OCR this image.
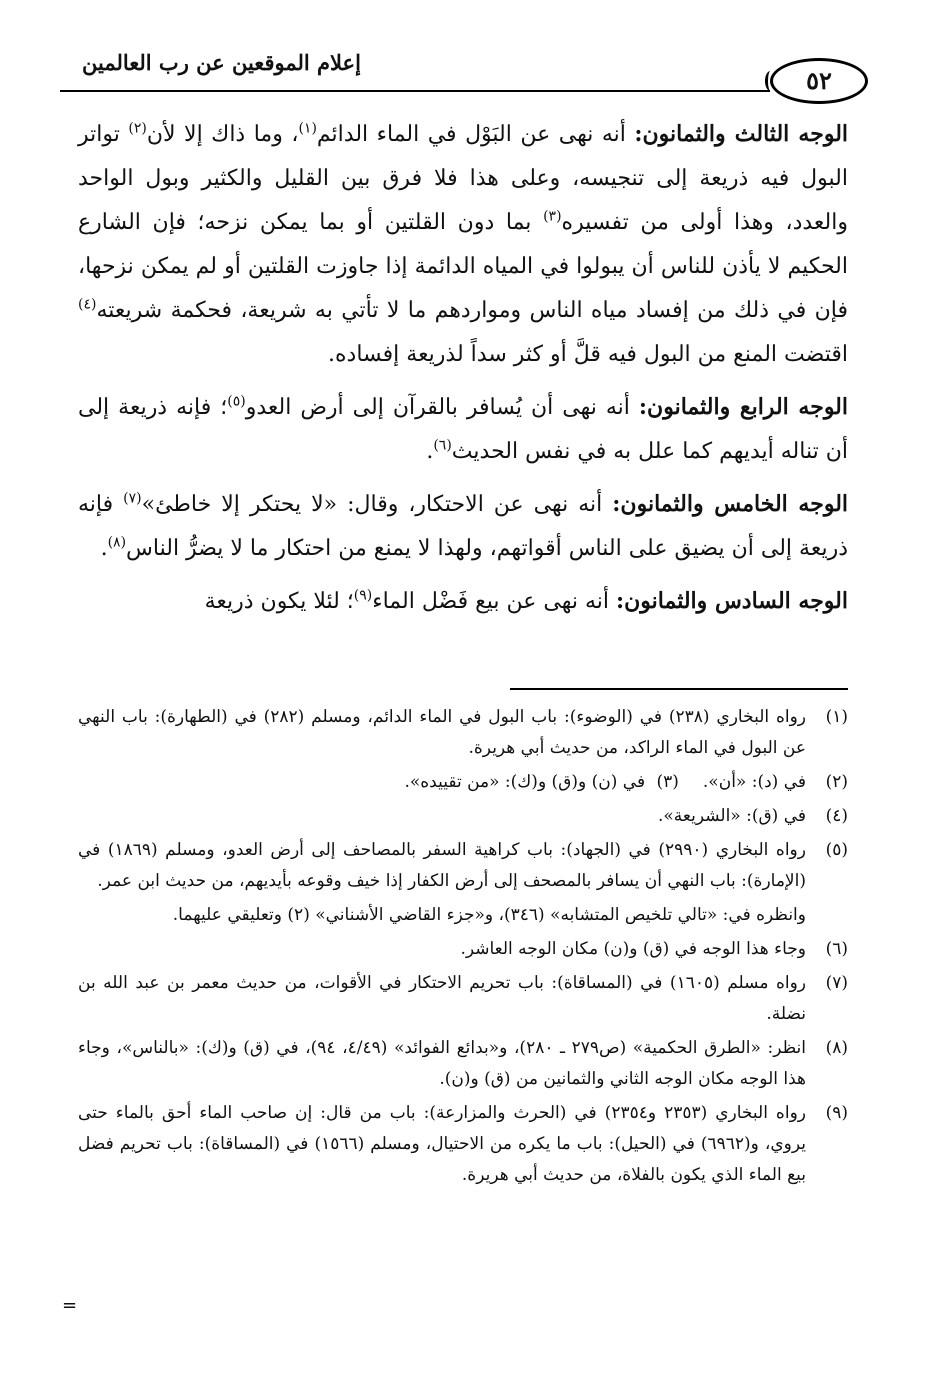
إعلام الموقعين عن رب العالمين
٥٢

الوجه الثالث والثمانون: أنه نهى عن البَوْل في الماء الدائم$^{(١)}$، وما ذاك إلا لأن$^{(٢)}$ تواتر البول فيه ذريعة إلى تنجيسه، وعلى هذا فلا فرق بين القليل والكثير وبول الواحد والعدد، وهذا أولى من تفسيره$^{(٣)}$ بما دون القلتين أو بما يمكن نزحه؛ فإن الشارع الحكيم لا يأذن للناس أن يبولوا في المياه الدائمة إذا جاوزت القلتين أو لم يمكن نزحها، فإن في ذلك من إفساد مياه الناس ومواردهم ما لا تأتي به شريعة، فحكمة شريعته$^{(٤)}$ اقتضت المنع من البول فيه قلَّ أو كثر سداً لذريعة إفساده.

الوجه الرابع والثمانون: أنه نهى أن يُسافر بالقرآن إلى أرض العدو$^{(٥)}$؛ فإنه ذريعة إلى أن تناله أيديهم كما علل به في نفس الحديث$^{(٦)}$.

الوجه الخامس والثمانون: أنه نهى عن الاحتكار، وقال: «لا يحتكر إلا خاطئ»$^{(٧)}$ فإنه ذريعة إلى أن يضيق على الناس أقواتهم، ولهذا لا يمنع من احتكار ما لا يضرُّ الناس$^{(٨)}$.

الوجه السادس والثمانون: أنه نهى عن بيع فَضْل الماء$^{(٩)}$؛ لئلا يكون ذريعة

(١)
رواه البخاري (٢٣٨) في (الوضوء): باب البول في الماء الدائم، ومسلم (٢٨٢) في (الطهارة): باب النهي عن البول في الماء الراكد، من حديث أبي هريرة.
(٢)
في (د): «أن».
(٣) في (ن) و(ق) و(ك): «من تقييده».
(٤)
في (ق): «الشريعة».
(٥)
رواه البخاري (٢٩٩٠) في (الجهاد): باب كراهية السفر بالمصاحف إلى أرض العدو، ومسلم (١٨٦٩) في (الإمارة): باب النهي أن يسافر بالمصحف إلى أرض الكفار إذا خيف وقوعه بأيديهم، من حديث ابن عمر.
وانظره في: «تالي تلخيص المتشابه» (٣٤٦)، و«جزء القاضي الأشناني» (٢) وتعليقي عليهما.
(٦)
وجاء هذا الوجه في (ق) و(ن) مكان الوجه العاشر.
(٧)
رواه مسلم (١٦٠٥) في (المساقاة): باب تحريم الاحتكار في الأقوات، من حديث معمر بن عبد الله بن نضلة.
(٨)
انظر: «الطرق الحكمية» (ص٢٧٩ ـ ٢٨٠)، و«بدائع الفوائد» (٤/٤٩، ٩٤)، في (ق) و(ك): «بالناس»، وجاء هذا الوجه مكان الوجه الثاني والثمانين من (ق) و(ن).
(٩)
رواه البخاري (٢٣٥٣ و٢٣٥٤) في (الحرث والمزارعة): باب من قال: إن صاحب الماء أحق بالماء حتى يروي، و(٦٩٦٢) في (الحيل): باب ما يكره من الاحتيال، ومسلم (١٥٦٦) في (المساقاة): باب تحريم فضل بيع الماء الذي يكون بالفلاة، من حديث أبي هريرة.
=
